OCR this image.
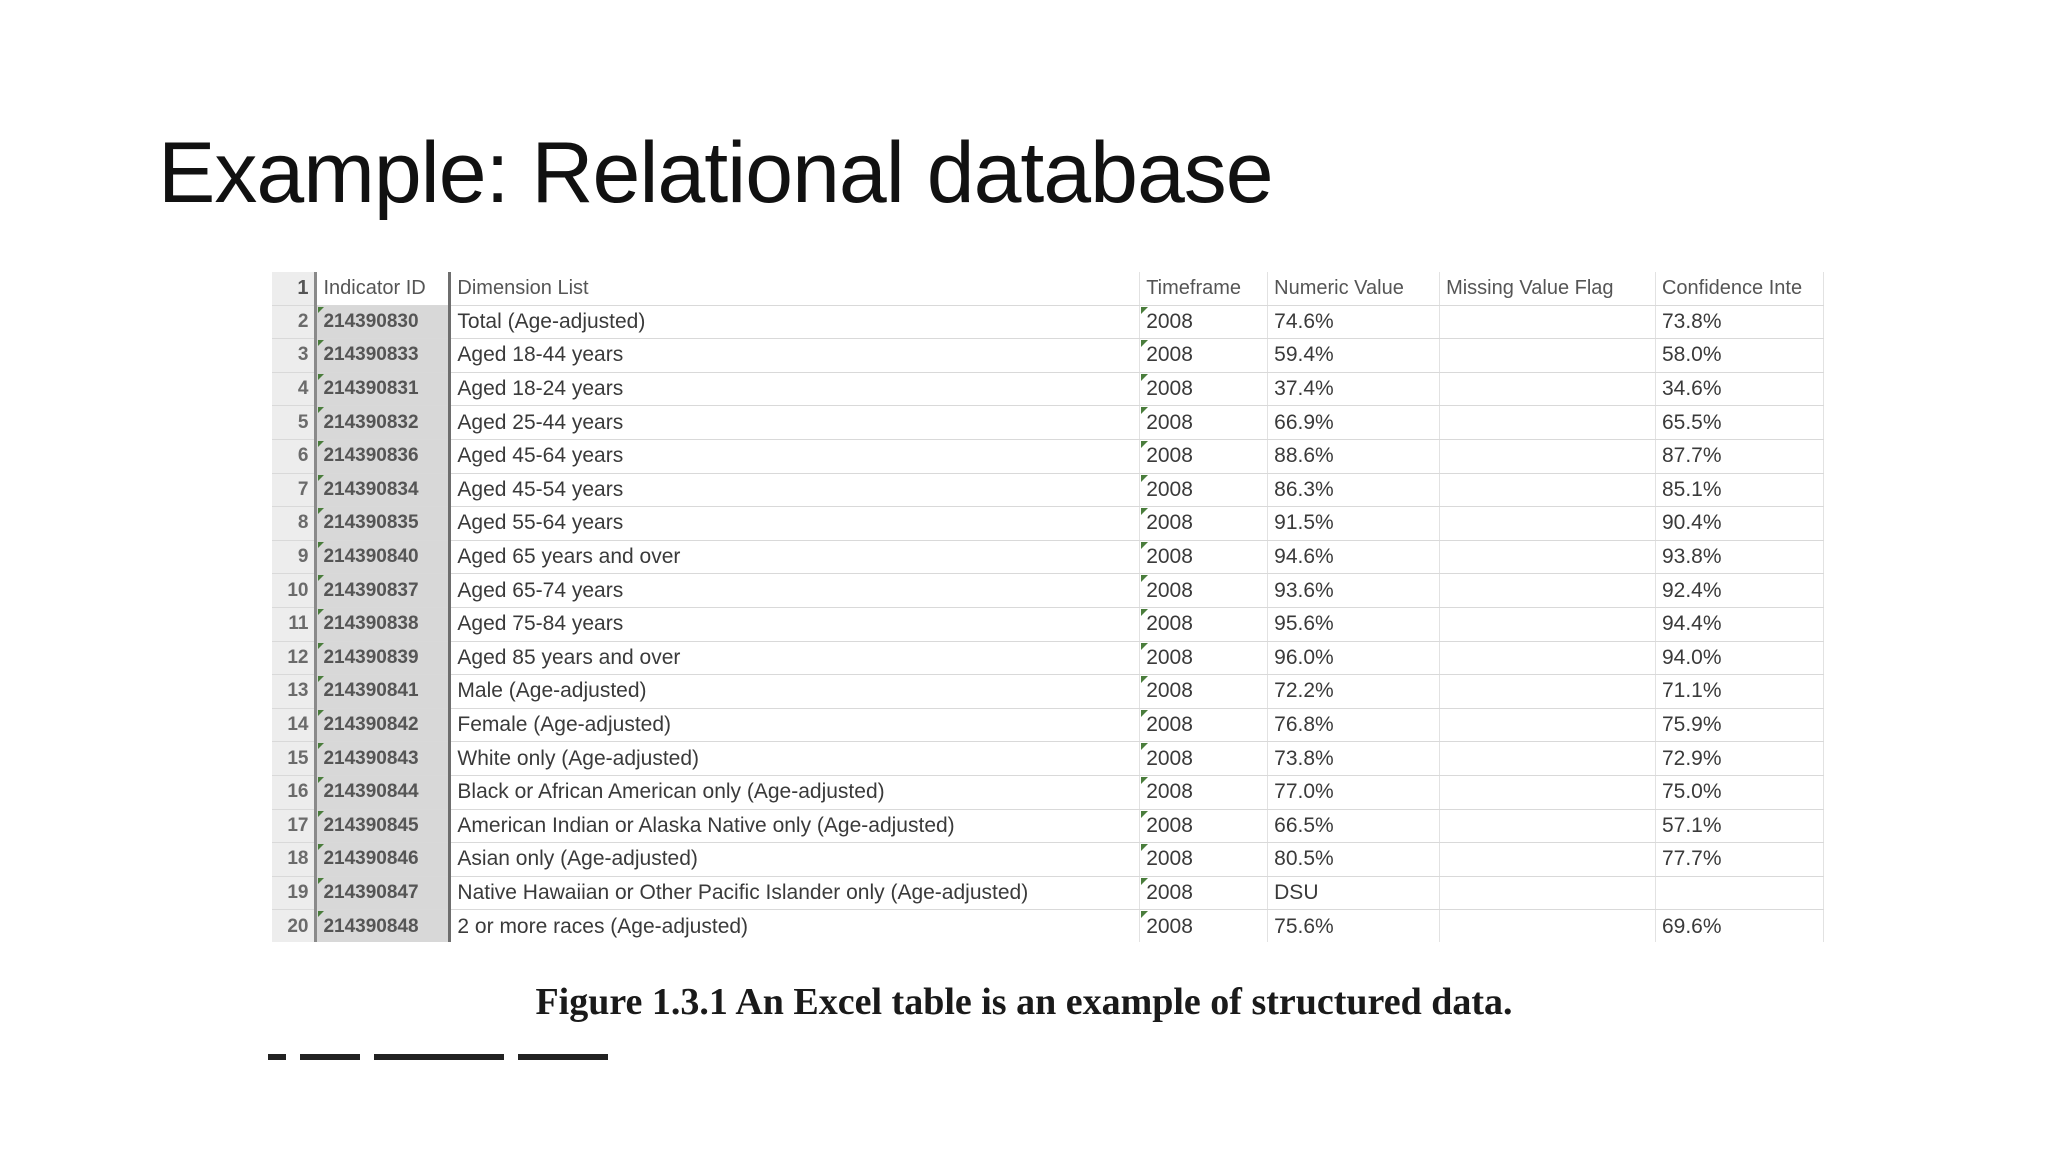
Example: Relational database
1	Indicator ID	Dimension List	Timeframe	Numeric Value	Missing Value Flag	Confidence Inte
2	214390830	Total (Age-adjusted)	2008	74.6%		73.8%
3	214390833	Aged 18-44 years	2008	59.4%		58.0%
4	214390831	Aged 18-24 years	2008	37.4%		34.6%
5	214390832	Aged 25-44 years	2008	66.9%		65.5%
6	214390836	Aged 45-64 years	2008	88.6%		87.7%
7	214390834	Aged 45-54 years	2008	86.3%		85.1%
8	214390835	Aged 55-64 years	2008	91.5%		90.4%
9	214390840	Aged 65 years and over	2008	94.6%		93.8%
10	214390837	Aged 65-74 years	2008	93.6%		92.4%
11	214390838	Aged 75-84 years	2008	95.6%		94.4%
12	214390839	Aged 85 years and over	2008	96.0%		94.0%
13	214390841	Male (Age-adjusted)	2008	72.2%		71.1%
14	214390842	Female (Age-adjusted)	2008	76.8%		75.9%
15	214390843	White only (Age-adjusted)	2008	73.8%		72.9%
16	214390844	Black or African American only (Age-adjusted)	2008	77.0%		75.0%
17	214390845	American Indian or Alaska Native only (Age-adjusted)	2008	66.5%		57.1%
18	214390846	Asian only (Age-adjusted)	2008	80.5%		77.7%
19	214390847	Native Hawaiian or Other Pacific Islander only (Age-adjusted)	2008	DSU		
20	214390848	2 or more races (Age-adjusted)	2008	75.6%		69.6%

Figure 1.3.1 An Excel table is an example of structured data.
